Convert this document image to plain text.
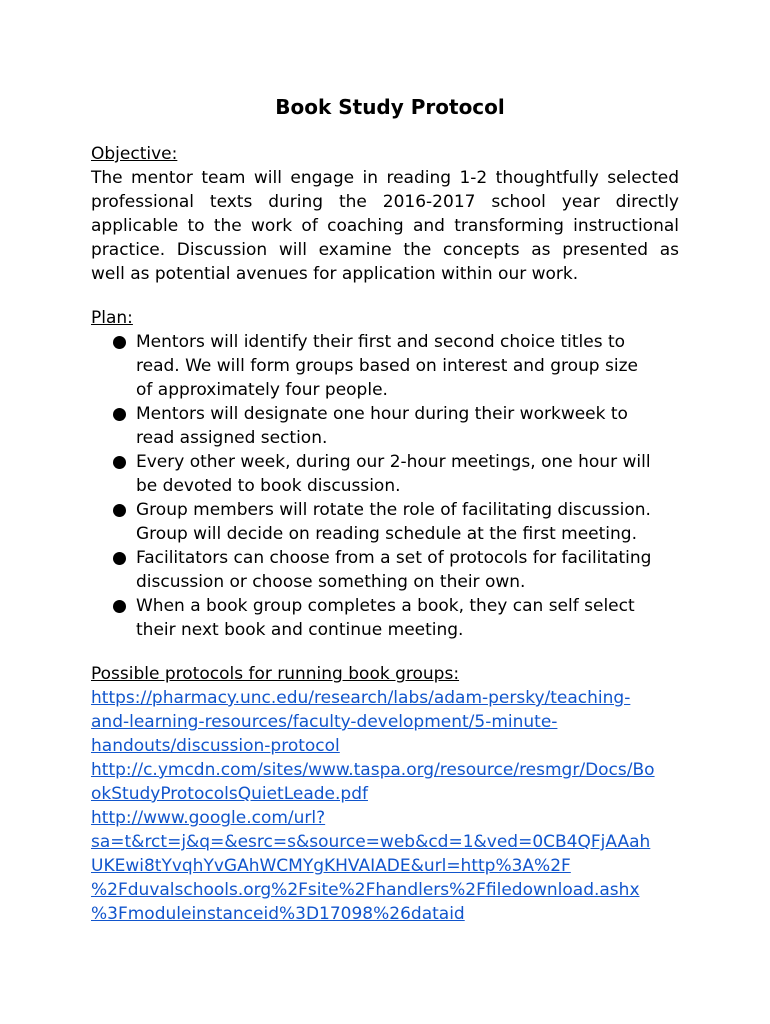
Book Study Protocol
Objective:

The mentor team will engage in reading 1-2 thoughtfully selected
professional texts during the 2016-2017 school year directly
applicable to the work of coaching and transforming instructional
practice. Discussion will examine the concepts as presented as
well as potential avenues for application within our work.

Plan:
Mentors will identify their first and second choice titles to
read. We will form groups based on interest and group size
of approximately four people.
Mentors will designate one hour during their workweek to
read assigned section.
Every other week, during our 2-hour meetings, one hour will
be devoted to book discussion.
Group members will rotate the role of facilitating discussion.
Group will decide on reading schedule at the first meeting.
Facilitators can choose from a set of protocols for facilitating
discussion or choose something on their own.
When a book group completes a book, they can self select
their next book and continue meeting.
Possible protocols for running book groups:
https://pharmacy.unc.edu/research/labs/adam-persky/teaching-
and-learning-resources/faculty-development/5-minute-
handouts/discussion-protocol
http://c.ymcdn.com/sites/www.taspa.org/resource/resmgr/Docs/Bo
okStudyProtocolsQuietLeade.pdf
http://www.google.com/url?
sa=t&rct=j&q=&esrc=s&source=web&cd=1&ved=0CB4QFjAAah
UKEwi8tYvqhYvGAhWCMYgKHVAIADE&url=http%3A%2F
%2Fduvalschools.org%2Fsite%2Fhandlers%2Ffiledownload.ashx
%3Fmoduleinstanceid%3D17098%26dataid
